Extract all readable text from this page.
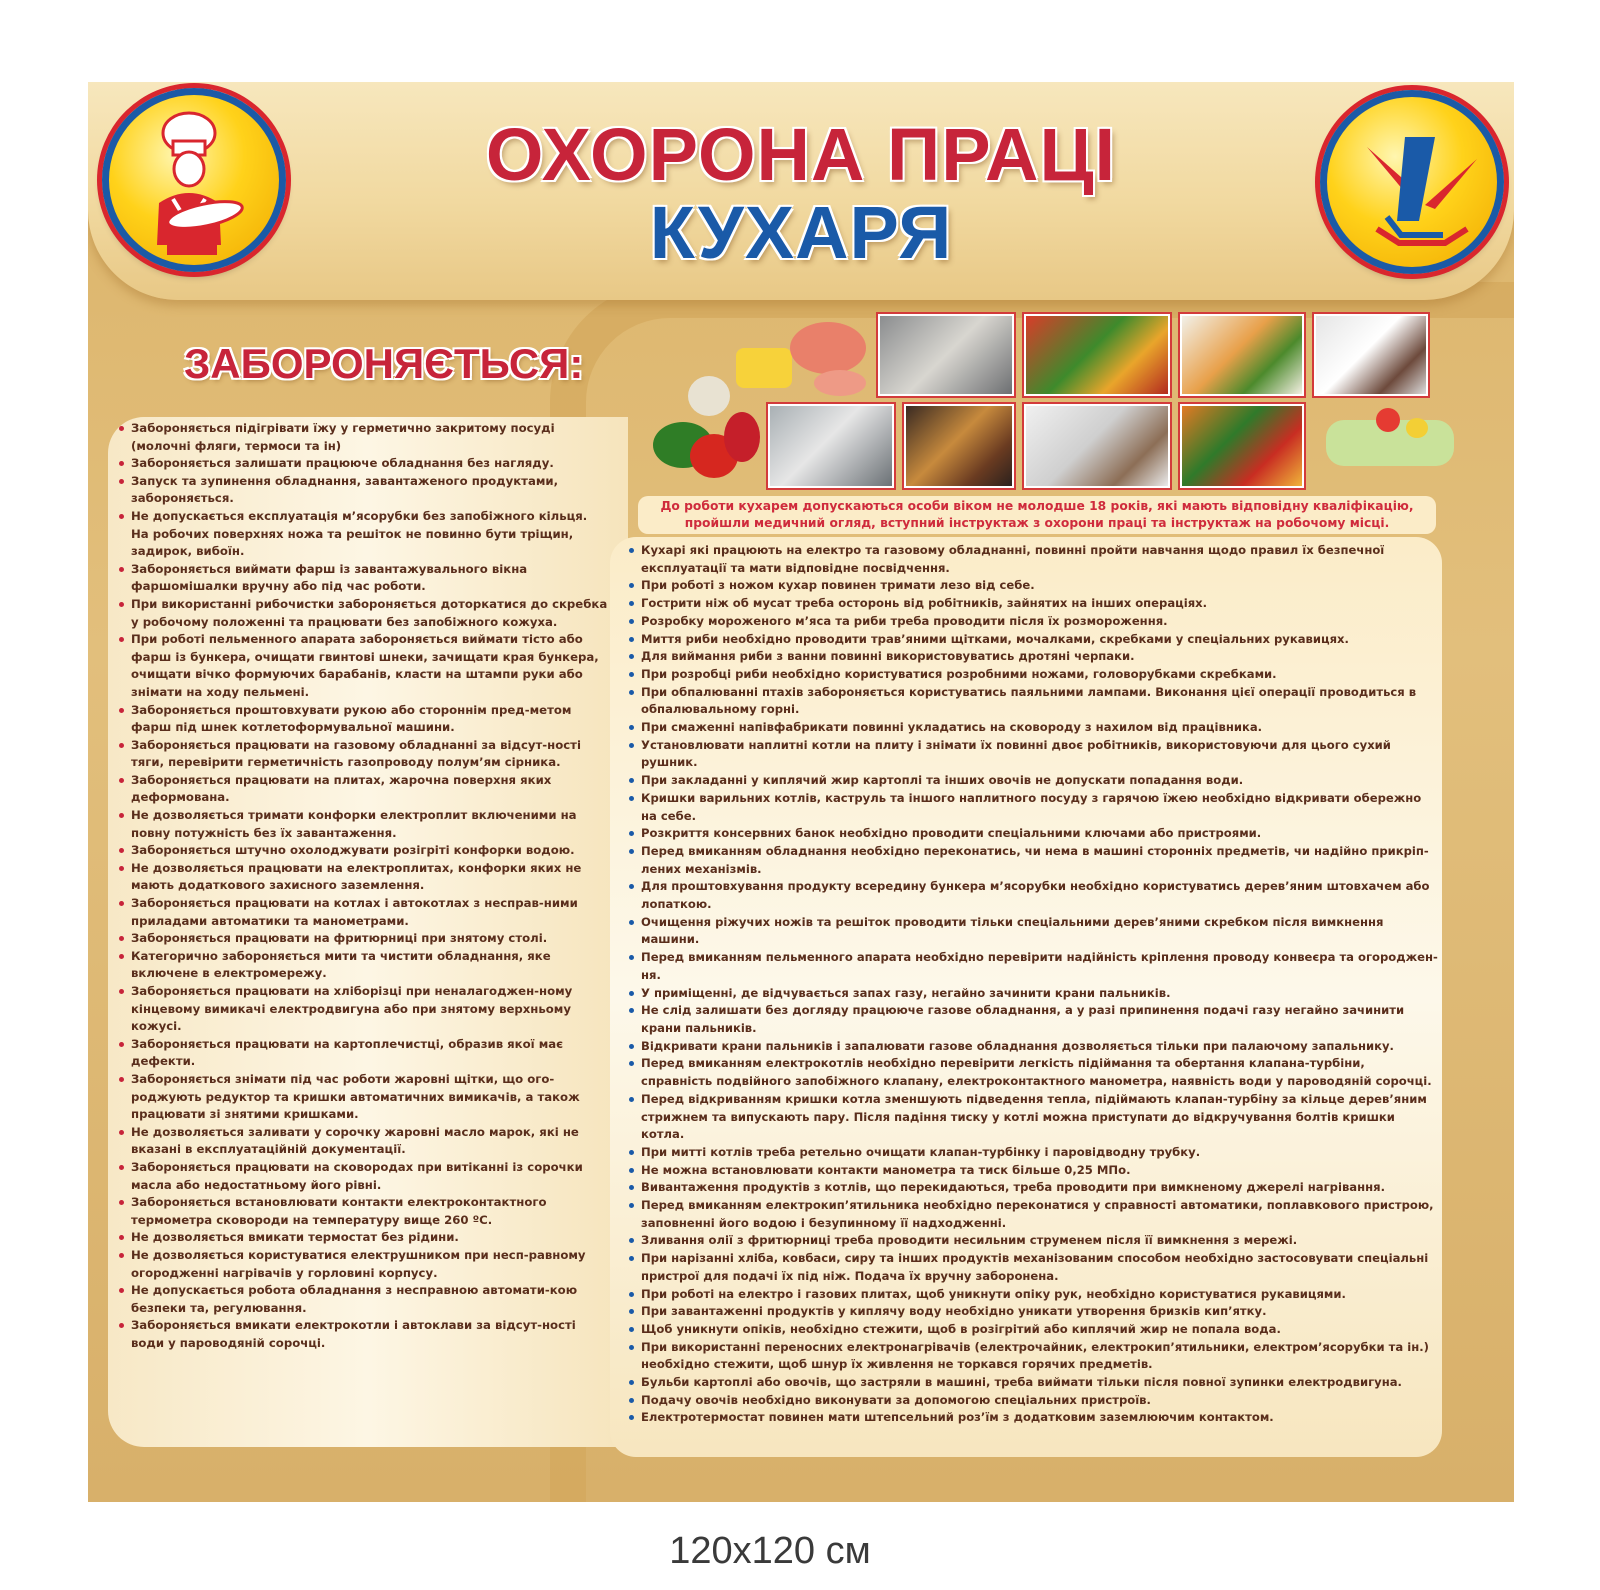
ОХОРОНА ПРАЦІ
КУХАРЯ
ЗАБОРОНЯЄТЬСЯ:
Забороняється підігрівати їжу у герметично закритому посуді (молочні фляги, термоси та ін)
Забороняється залишати працююче обладнання без нагляду.
Запуск та зупинення обладнання, завантаженого продуктами, забороняється.
Не допускається експлуатація м’ясорубки без запобіжного кільця. На робочих поверхнях ножа та решіток не повинно бути тріщин, задирок, вибоїн.
Забороняється виймати фарш із завантажувального вікна фаршомішалки вручну або під час роботи.
При використанні рибочистки забороняється доторкатися до скребка у робочому положенні та працювати без запобіжного кожуха.
При роботі пельменного апарата забороняється виймати тісто або фарш із бункера, очищати гвинтові шнеки, зачищати края бункера, очищати вічко формуючих барабанів, класти на штампи руки або знімати на ходу пельмені.
Забороняється проштовхувати рукою або стороннім пред-метом фарш під шнек котлетоформувальної машини.
Забороняється працювати на газовому обладнанні за відсут-ності тяги, перевірити герметичність газопроводу полум’ям сірника.
Забороняється працювати на плитах, жарочна поверхня яких деформована.
Не дозволяється тримати конфорки електроплит включеними на повну потужність без їх завантаження.
Забороняється штучно охолоджувати розігріті конфорки водою.
Не дозволяється працювати на електроплитах, конфорки яких не мають додаткового захисного заземлення.
Забороняється працювати на котлах і автокотлах з несправ-ними приладами автоматики та манометрами.
Забороняється працювати на фритюрниці при знятому столі.
Категорично забороняється мити та чистити обладнання, яке включене в електромережу.
Забороняється працювати на хліборізці при неналагоджен-ному кінцевому вимикачі електродвигуна або при знятому верхньому кожусі.
Забороняється працювати на картоплечистці, образив якої має дефекти.
Забороняється знімати під час роботи жаровні щітки, що ого-роджують редуктор та кришки автоматичних вимикачів, а також працювати зі знятими кришками.
Не дозволяється заливати у сорочку жаровні масло марок, які не вказані в експлуатаційній документації.
Забороняється працювати на сковородах при витіканні із сорочки масла або недостатньому його рівні.
Забороняється встановлювати контакти електроконтактного термометра сковороди на температуру вище 260 ºС.
Не дозволяється вмикати термостат без рідини.
Не дозволяється користуватися електрушником при несп-равному огородженні нагрівачів у горловині корпусу.
Не допускається робота обладнання з несправною автомати-кою безпеки та, регулювання.
Забороняється вмикати електрокотли і автоклави за відсут-ності води у пароводяній сорочці.
До роботи кухарем допускаються особи віком не молодше 18 років, які мають відповідну кваліфікацію, пройшли медичний огляд, вступний інструктаж з охорони праці та інструктаж на робочому місці.
Кухарі які працюють на електро та газовому обладнанні, повинні пройти навчання щодо правил їх безпечної експлуатації та мати відповідне посвідчення.
При роботі з ножом кухар повинен тримати лезо від себе.
Гострити ніж об мусат треба осторонь від робітників, зайнятих на інших операціях.
Розробку мороженого м’яса та риби треба проводити після їх розмороження.
Миття риби необхідно проводити трав’яними щітками, мочалками, скребками у спеціальних рукавицях.
Для виймання риби з ванни повинні використовуватись дротяні черпаки.
При розробці риби необхідно користуватися розробними ножами, головорубками скребками.
При обпалюванні птахів забороняється користуватись паяльними лампами. Виконання цієї операції проводиться в обпалювальному горні.
При смаженні напівфабрикати повинні укладатись на сковороду з нахилом від працівника.
Установлювати наплитні котли на плиту і знімати їх повинні двоє робітників, використовуючи для цього сухий рушник.
При закладанні у киплячий жир картоплі та інших овочів не допускати попадання води.
Кришки варильних котлів, каструль та іншого наплитного посуду з гарячою їжею необхідно відкривати обережно на себе.
Розкриття консервних банок необхідно проводити спеціальними ключами або пристроями.
Перед вмиканням обладнання необхідно переконатись, чи нема в машині сторонніх предметів, чи надійно прикріп-лених механізмів.
Для проштовхування продукту всередину бункера м’ясорубки необхідно користуватись дерев’яним штовхачем або лопаткою.
Очищення ріжучих ножів та решіток проводити тільки спеціальними дерев’яними скребком після вимкнення машини.
Перед вмиканням пельменного апарата необхідно перевірити надійність кріплення проводу конвеєра та огороджен-ня.
У приміщенні, де відчувається запах газу, негайно зачинити крани пальників.
Не слід залишати без догляду працююче газове обладнання, а у разі припинення подачі газу негайно зачинити крани пальників.
Відкривати крани пальників і запалювати газове обладнання дозволяється тільки при палаючому запальнику.
Перед вмиканням електрокотлів необхідно перевірити легкість підіймання та обертання клапана-турбіни, справність подвійного запобіжного клапану, електроконтактного манометра, наявність води у пароводяній сорочці.
Перед відкриванням кришки котла зменшують підведення тепла, підіймають клапан-турбіну за кільце дерев’яним стрижнем та випускають пару. Після падіння тиску у котлі можна приступати до відкручування болтів кришки котла.
При митті котлів треба ретельно очищати клапан-турбінку і паровідводну трубку.
Не можна встановлювати контакти манометра та тиск більше 0,25 МПо.
Вивантаження продуктів з котлів, що перекидаються, треба проводити при вимкненому джерелі нагрівання.
Перед вмиканням електрокип’ятильника необхідно переконатися у справності автоматики, поплавкового пристрою, заповненні його водою і безупинному її надходженні.
Зливання олії з фритюрниці треба проводити несильним струменем після її вимкнення з мережі.
При нарізанні хліба, ковбаси, сиру та інших продуктів механізованим способом необхідно застосовувати спеціальні пристрої для подачі їх під ніж. Подача їх вручну заборонена.
При роботі на електро і газових плитах, щоб уникнути опіку рук, необхідно користуватися рукавицями.
При завантаженні продуктів у киплячу воду необхідно уникати утворення бризків кип’ятку.
Щоб уникнути опіків, необхідно стежити, щоб в розігрітий або киплячий жир не попала вода.
При використанні переносних електронагрівачів (електрочайник, електрокип’ятильники, електром’ясорубки та ін.) необхідно стежити, щоб шнур їх живлення не торкався горячих предметів.
Бульби картоплі або овочів, що застряли в машині, треба виймати тільки після повної зупинки електродвигуна.
Подачу овочів необхідно виконувати за допомогою спеціальних пристроїв.
Електротермостат повинен мати штепсельний роз’їм з додатковим заземлюючим контактом.
120х120 см
